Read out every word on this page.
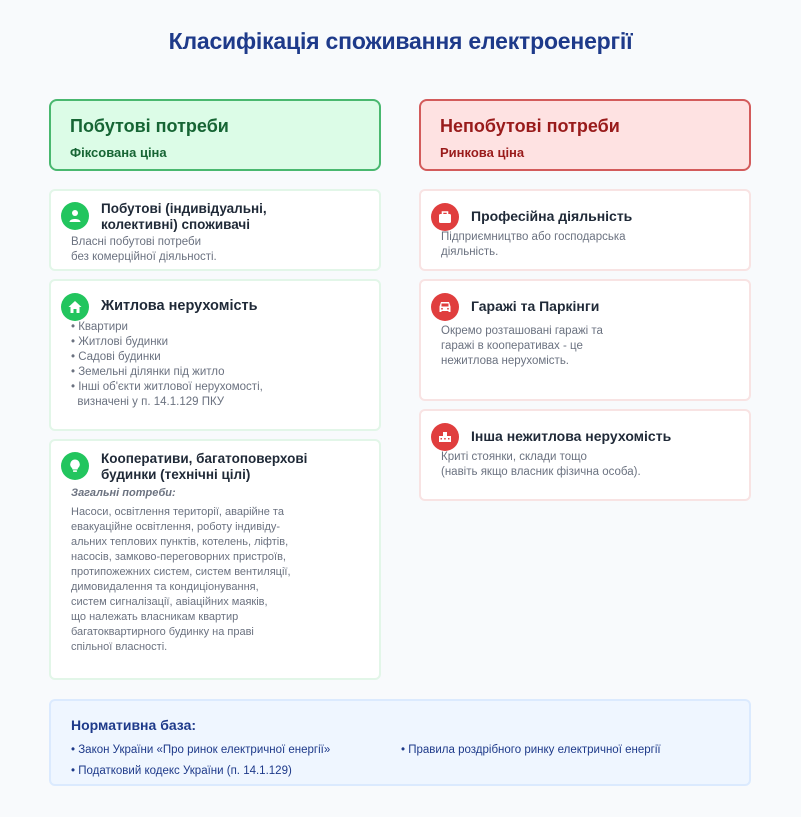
Класифікація споживання електроенергії
Побутові потреби
Фіксована ціна
Непобутові потреби
Ринкова ціна
Побутові (індивідуальні,
колективні) споживачі
Власні побутові потреби
без комерційної діяльності.
Житлова нерухомість
• Квартири
• Житлові будинки
• Садові будинки
• Земельні ділянки під житло
• Інші об'єкти житлової нерухомості,
визначені у п. 14.1.129 ПКУ
Кооперативи, багатоповерхові
будинки (технічні цілі)
Загальні потреби:
Насоси, освітлення території, аварійне та
евакуаційне освітлення, роботу індивіду-
альних теплових пунктів, котелень, ліфтів,
насосів, замково-переговорних пристроїв,
протипожежних систем, систем вентиляції,
димовидалення та кондиціонування,
систем сигналізації, авіаційних маяків,
що належать власникам квартир
багатоквартирного будинку на праві
спільної власності.
Професійна діяльність
Підприємництво або господарська
діяльність.
Гаражі та Паркінги
Окремо розташовані гаражі та
гаражі в кооперативах - це
нежитлова нерухомість.
Інша нежитлова нерухомість
Криті стоянки, склади тощо
(навіть якщо власник фізична особа).
Нормативна база:
• Закон України «Про ринок електричної енергії»	• Правила роздрібного ринку електричної енергії
• Податковий кодекс України (п. 14.1.129)
